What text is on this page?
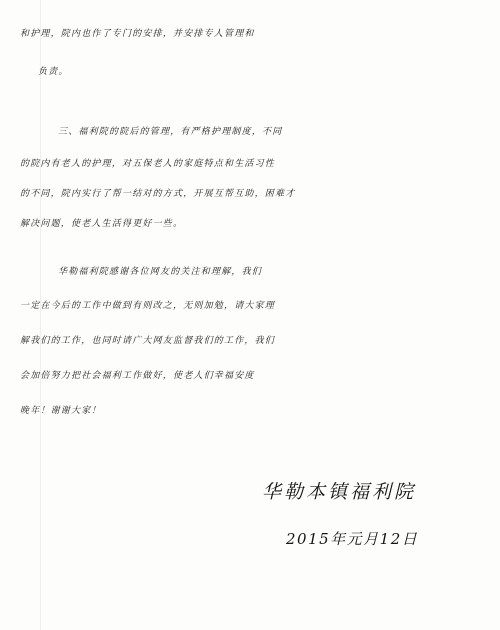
和护理，院内也作了专门的安排，并安排专人管理和
负责。
三、福利院的院后的管理，有严格护理制度，不同
的院内有老人的护理，对五保老人的家庭特点和生活习性
的不同，院内实行了帮一结对的方式，开展互帮互助，困难才
解决问题，使老人生活得更好一些。
华勒福利院感谢各位网友的关注和理解，我们
一定在今后的工作中做到有则改之，无则加勉，请大家理
解我们的工作，也同时请广大网友监督我们的工作，我们
会加倍努力把社会福利工作做好，使老人们幸福安度
晚年！谢谢大家！
华勒本镇福利院
2015年元月12日
